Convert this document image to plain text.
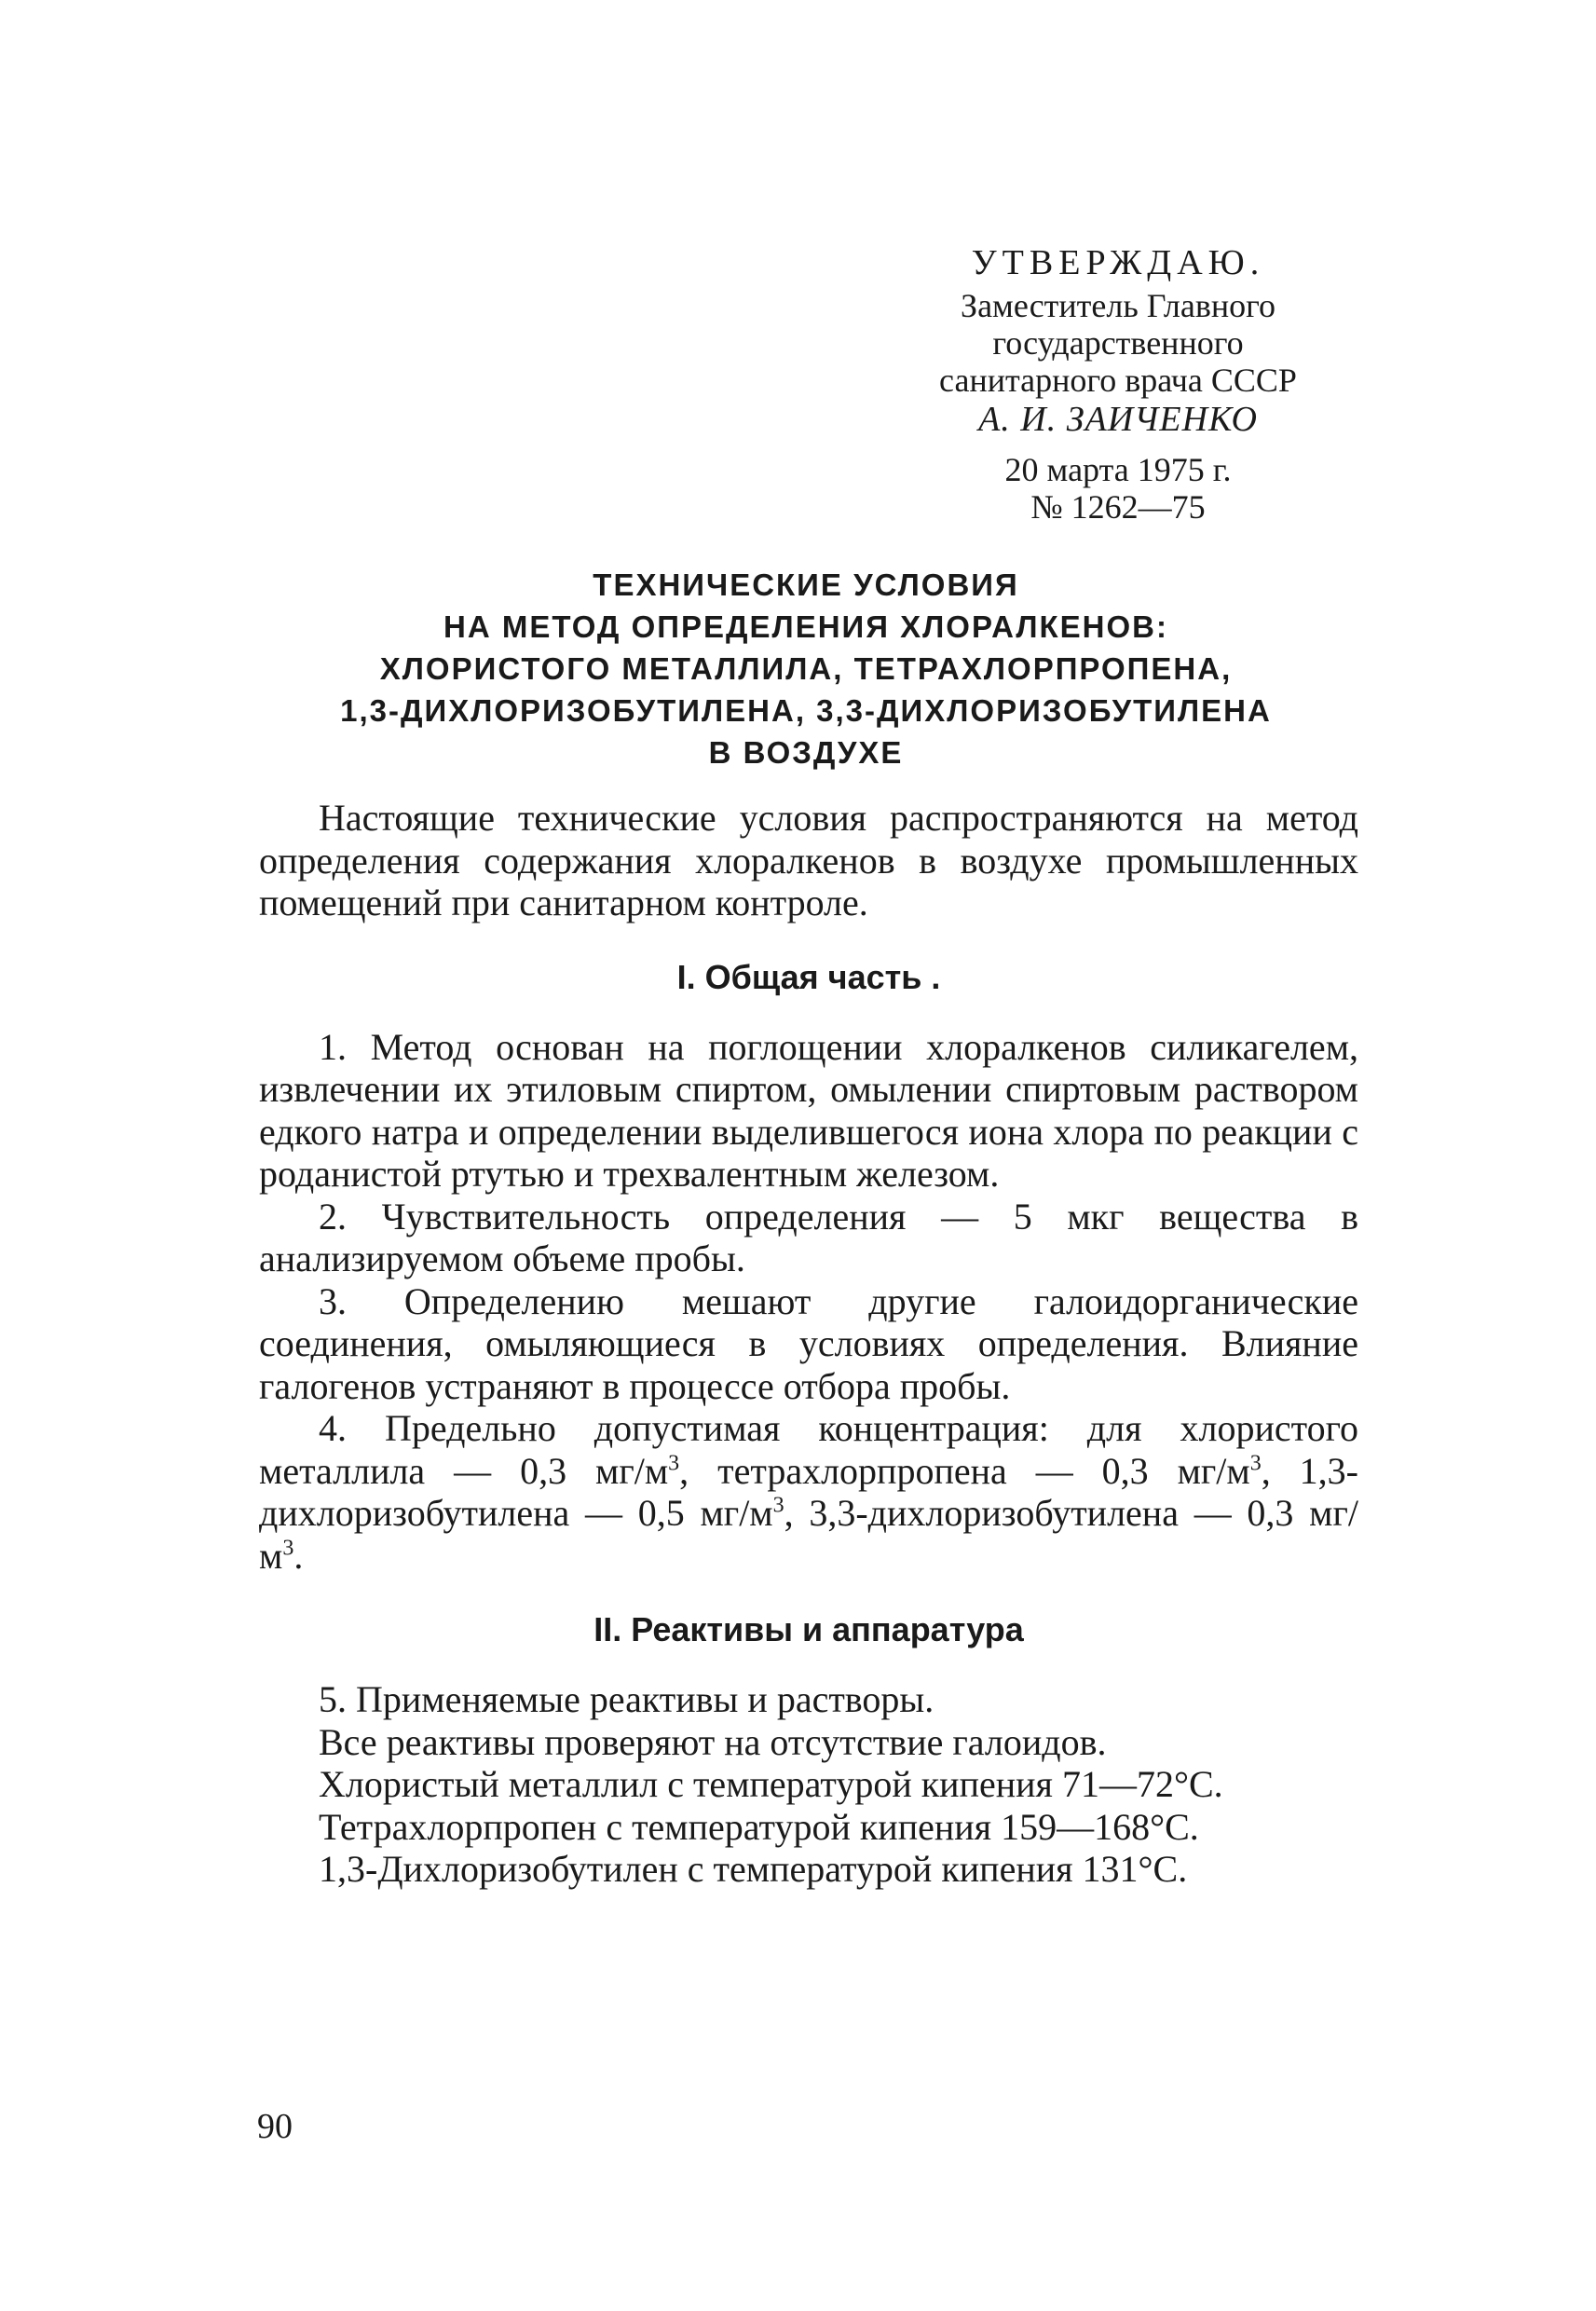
УТВЕРЖДАЮ.
Заместитель Главного
государственного
санитарного врача СССР
А. И. ЗАИЧЕНКО
20 марта 1975 г.
№ 1262—75
ТЕХНИЧЕСКИЕ УСЛОВИЯ
НА МЕТОД ОПРЕДЕЛЕНИЯ ХЛОРАЛКЕНОВ:
ХЛОРИСТОГО МЕТАЛЛИЛА, ТЕТРАХЛОРПРОПЕНА,
1,3-ДИХЛОРИЗОБУТИЛЕНА, 3,3-ДИХЛОРИЗОБУТИЛЕНА
В ВОЗДУХЕ

Настоящие технические условия распространяются на метод определения содержания хлоралкенов в воздухе промышленных помещений при санитарном контроле.

I. Общая часть .

1. Метод основан на поглощении хлоралкенов силикагелем, извлечении их этиловым спиртом, омылении спиртовым раствором едкого натра и определении выделившегося иона хлора по реакции с роданистой ртутью и трехвалентным железом.

2. Чувствительность определения — 5 мкг вещества в анализируемом объеме пробы.

3. Определению мешают другие галоидорганические соединения, омыляющиеся в условиях определения. Влияние галогенов устраняют в процессе отбора пробы.

4. Предельно допустимая концентрация: для хлористого металлила — 0,3 $мг/м^3$, тетрахлорпропена — 0,3 $мг/м^3$, 1,3-дихлоризобутилена — 0,5 $мг/м^3$, 3,3-дихлоризобутилена — 0,3 $мг/м^3$.

II. Реактивы и аппаратура

5. Применяемые реактивы и растворы.

Все реактивы проверяют на отсутствие галоидов.

Хлористый металлил с температурой кипения 71—72°С.

Тетрахлорпропен с температурой кипения 159—168°С.

1,3-Дихлоризобутилен с температурой кипения 131°С.

90
